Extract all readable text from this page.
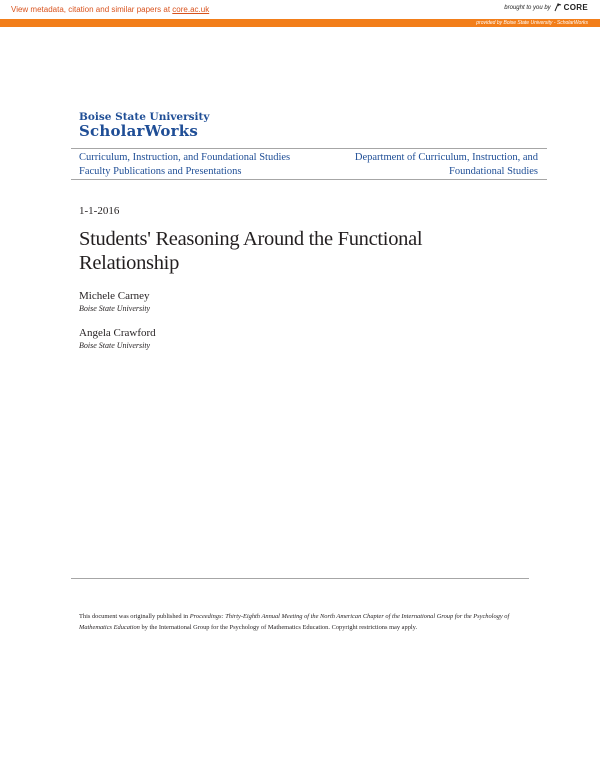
View metadata, citation and similar papers at core.ac.uk	brought to you by CORE
provided by Boise State University - ScholarWorks
Boise State University
ScholarWorks
Curriculum, Instruction, and Foundational Studies
Faculty Publications and Presentations
Department of Curriculum, Instruction, and
Foundational Studies
1-1-2016
Students' Reasoning Around the Functional
Relationship
Michele Carney
Boise State University
Angela Crawford
Boise State University
This document was originally published in Proceedings: Thirty-Eighth Annual Meeting of the North American Chapter of the International Group for the Psychology of Mathematics Education by the International Group for the Psychology of Mathematics Education. Copyright restrictions may apply.
